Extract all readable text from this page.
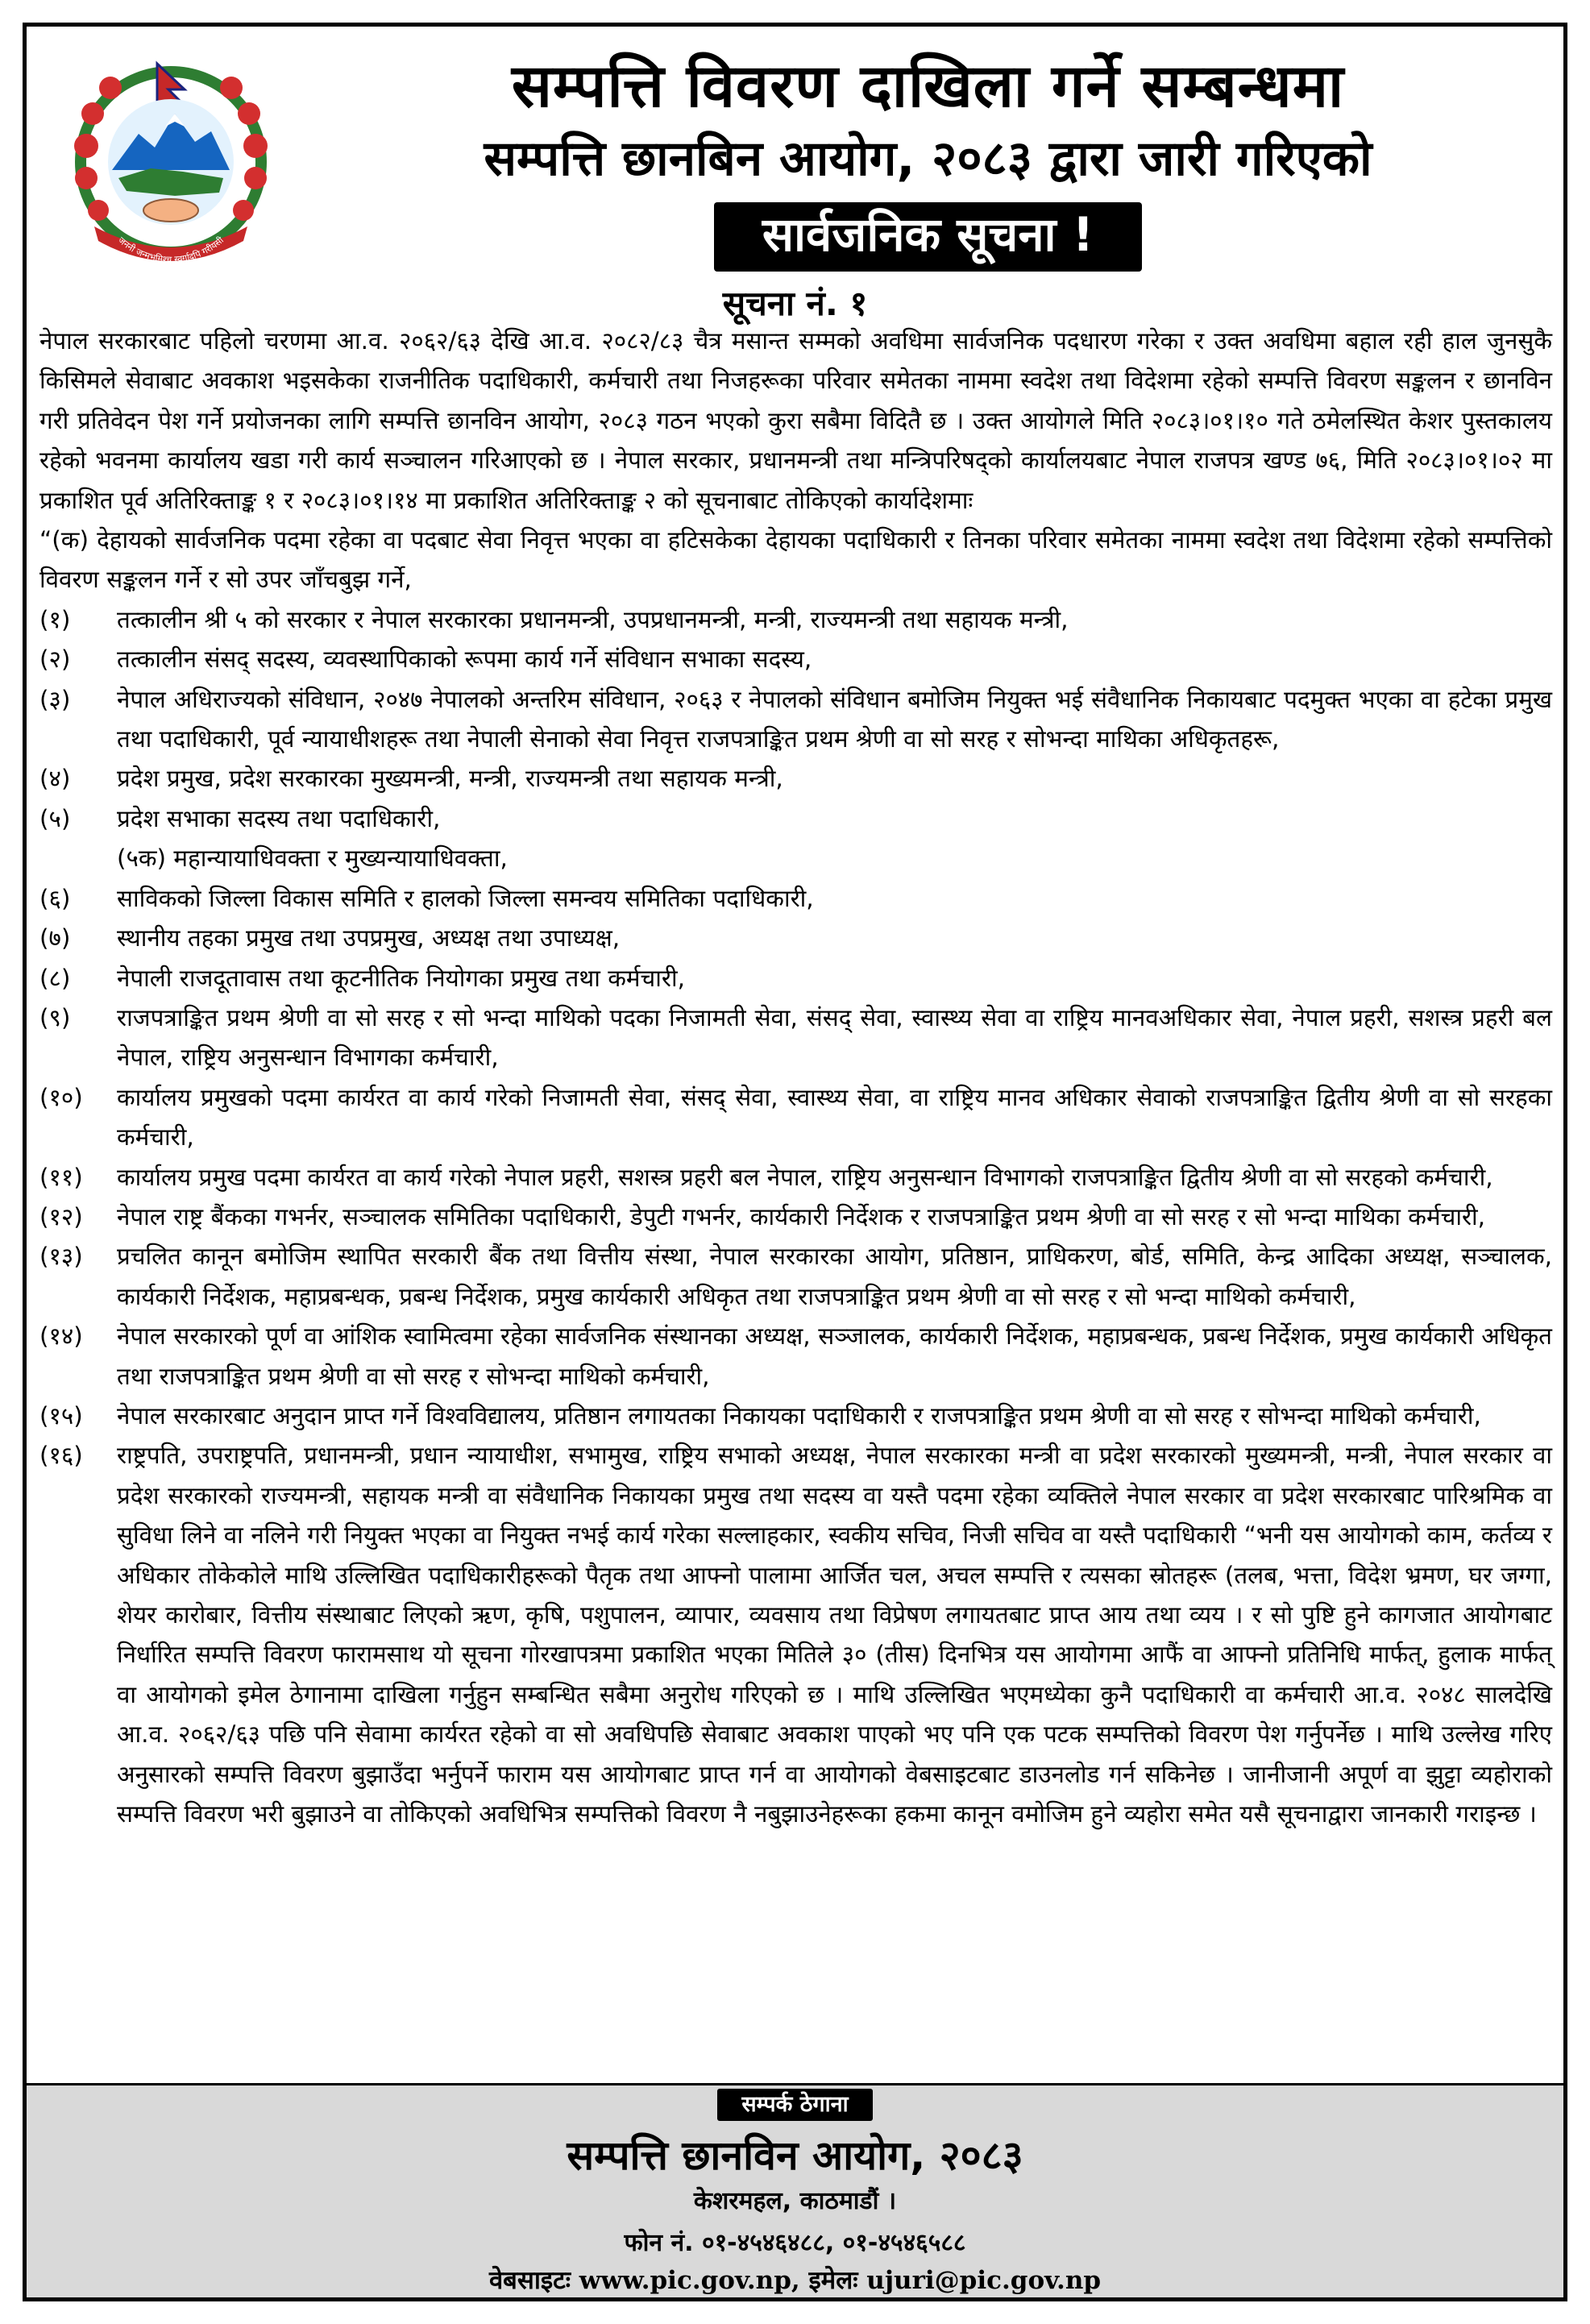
जननी जन्मभूमिश्च स्वर्गादपि गरीयसी
सम्पत्ति विवरण दाखिला गर्ने सम्बन्धमा
सम्पत्ति छानबिन आयोग, २०८३ द्वारा जारी गरिएको
सार्वजनिक सूचना !
सूचना नं. १

नेपाल सरकारबाट पहिलो चरणमा आ.व. २०६२/६३ देखि आ.व. २०८२/८३ चैत्र मसान्त सम्मको अवधिमा सार्वजनिक पदधारण गरेका र उक्त अवधिमा बहाल रही हाल जुनसुकै किसिमले सेवाबाट अवकाश भइसकेका राजनीतिक पदाधिकारी, कर्मचारी तथा निजहरूका परिवार समेतका नाममा स्वदेश तथा विदेशमा रहेको सम्पत्ति विवरण सङ्कलन र छानविन गरी प्रतिवेदन पेश गर्ने प्रयोजनका लागि सम्पत्ति छानविन आयोग, २०८३ गठन भएको कुरा सबैमा विदितै छ । उक्त आयोगले मिति २०८३।०१।१० गते ठमेलस्थित केशर पुस्तकालय रहेको भवनमा कार्यालय खडा गरी कार्य सञ्चालन गरिआएको छ । नेपाल सरकार, प्रधानमन्त्री तथा मन्त्रिपरिषद्को कार्यालयबाट नेपाल राजपत्र खण्ड ७६, मिति २०८३।०१।०२ मा प्रकाशित पूर्व अतिरिक्ताङ्क १ र २०८३।०१।१४ मा प्रकाशित अतिरिक्ताङ्क २ को सूचनाबाट तोकिएको कार्यादेशमाः

“(क) देहायको सार्वजनिक पदमा रहेका वा पदबाट सेवा निवृत्त भएका वा हटिसकेका देहायका पदाधिकारी र तिनका परिवार समेतका नाममा स्वदेश तथा विदेशमा रहेको सम्पत्तिको विवरण सङ्कलन गर्ने र सो उपर जाँचबुझ गर्ने,

(१)	तत्कालीन श्री ५ को सरकार र नेपाल सरकारका प्रधानमन्त्री, उपप्रधानमन्त्री, मन्त्री, राज्यमन्त्री तथा सहायक मन्त्री,
(२)	तत्कालीन संसद् सदस्य, व्यवस्थापिकाको रूपमा कार्य गर्ने संविधान सभाका सदस्य,
(३)	नेपाल अधिराज्यको संविधान, २०४७ नेपालको अन्तरिम संविधान, २०६३ र नेपालको संविधान बमोजिम नियुक्त भई संवैधानिक निकायबाट पदमुक्त भएका वा हटेका प्रमुख तथा पदाधिकारी, पूर्व न्यायाधीशहरू तथा नेपाली सेनाको सेवा निवृत्त राजपत्राङ्कित प्रथम श्रेणी वा सो सरह र सोभन्दा माथिका अधिकृतहरू,
(४)	प्रदेश प्रमुख, प्रदेश सरकारका मुख्यमन्त्री, मन्त्री, राज्यमन्त्री तथा सहायक मन्त्री,
(५)	प्रदेश सभाका सदस्य तथा पदाधिकारी,
(५क) महान्यायाधिवक्ता र मुख्यन्यायाधिवक्ता,
(६)	साविकको जिल्ला विकास समिति र हालको जिल्ला समन्वय समितिका पदाधिकारी,
(७)	स्थानीय तहका प्रमुख तथा उपप्रमुख, अध्यक्ष तथा उपाध्यक्ष,
(८)	नेपाली राजदूतावास तथा कूटनीतिक नियोगका प्रमुख तथा कर्मचारी,
(९)	राजपत्राङ्कित प्रथम श्रेणी वा सो सरह र सो भन्दा माथिको पदका निजामती सेवा, संसद् सेवा, स्वास्थ्य सेवा वा राष्ट्रिय मानवअधिकार सेवा, नेपाल प्रहरी, सशस्त्र प्रहरी बल नेपाल, राष्ट्रिय अनुसन्धान विभागका कर्मचारी,
(१०)	कार्यालय प्रमुखको पदमा कार्यरत वा कार्य गरेको निजामती सेवा, संसद् सेवा, स्वास्थ्य सेवा, वा राष्ट्रिय मानव अधिकार सेवाको राजपत्राङ्कित द्वितीय श्रेणी वा सो सरहका कर्मचारी,
(११)	कार्यालय प्रमुख पदमा कार्यरत वा कार्य गरेको नेपाल प्रहरी, सशस्त्र प्रहरी बल नेपाल, राष्ट्रिय अनुसन्धान विभागको राजपत्राङ्कित द्वितीय श्रेणी वा सो सरहको कर्मचारी,
(१२)	नेपाल राष्ट्र बैंकका गभर्नर, सञ्चालक समितिका पदाधिकारी, डेपुटी गभर्नर, कार्यकारी निर्देशक र राजपत्राङ्कित प्रथम श्रेणी वा सो सरह र सो भन्दा माथिका कर्मचारी,
(१३)	प्रचलित कानून बमोजिम स्थापित सरकारी बैंक तथा वित्तीय संस्था, नेपाल सरकारका आयोग, प्रतिष्ठान, प्राधिकरण, बोर्ड, समिति, केन्द्र आदिका अध्यक्ष, सञ्चालक, कार्यकारी निर्देशक, महाप्रबन्धक, प्रबन्ध निर्देशक, प्रमुख कार्यकारी अधिकृत तथा राजपत्राङ्कित प्रथम श्रेणी वा सो सरह र सो भन्दा माथिको कर्मचारी,
(१४)	नेपाल सरकारको पूर्ण वा आंशिक स्वामित्वमा रहेका सार्वजनिक संस्थानका अध्यक्ष, सञ्जालक, कार्यकारी निर्देशक, महाप्रबन्धक, प्रबन्ध निर्देशक, प्रमुख कार्यकारी अधिकृत तथा राजपत्राङ्कित प्रथम श्रेणी वा सो सरह र सोभन्दा माथिको कर्मचारी,
(१५)	नेपाल सरकारबाट अनुदान प्राप्त गर्ने विश्वविद्यालय, प्रतिष्ठान लगायतका निकायका पदाधिकारी र राजपत्राङ्कित प्रथम श्रेणी वा सो सरह र सोभन्दा माथिको कर्मचारी,
(१६)	राष्ट्रपति, उपराष्ट्रपति, प्रधानमन्त्री, प्रधान न्यायाधीश, सभामुख, राष्ट्रिय सभाको अध्यक्ष, नेपाल सरकारका मन्त्री वा प्रदेश सरकारको मुख्यमन्त्री, मन्त्री, नेपाल सरकार वा प्रदेश सरकारको राज्यमन्त्री, सहायक मन्त्री वा संवैधानिक निकायका प्रमुख तथा सदस्य वा यस्तै पदमा रहेका व्यक्तिले नेपाल सरकार वा प्रदेश सरकारबाट पारिश्रमिक वा सुविधा लिने वा नलिने गरी नियुक्त भएका वा नियुक्त नभई कार्य गरेका सल्लाहकार, स्वकीय सचिव, निजी सचिव वा यस्तै पदाधिकारी “भनी यस आयोगको काम, कर्तव्य र अधिकार तोकेकोले माथि उल्लिखित पदाधिकारीहरूको पैतृक तथा आफ्नो पालामा आर्जित चल, अचल सम्पत्ति र त्यसका स्रोतहरू (तलब, भत्ता, विदेश भ्रमण, घर जग्गा, शेयर कारोबार, वित्तीय संस्थाबाट लिएको ऋण, कृषि, पशुपालन, व्यापार, व्यवसाय तथा विप्रेषण लगायतबाट प्राप्त आय तथा व्यय । र सो पुष्टि हुने कागजात आयोगबाट निर्धारित सम्पत्ति विवरण फारामसाथ यो सूचना गोरखापत्रमा प्रकाशित भएका मितिले ३० (तीस) दिनभित्र यस आयोगमा आफैं वा आफ्नो प्रतिनिधि मार्फत्, हुलाक मार्फत् वा आयोगको इमेल ठेगानामा दाखिला गर्नुहुन सम्बन्धित सबैमा अनुरोध गरिएको छ । माथि उल्लिखित भएमध्येका कुनै पदाधिकारी वा कर्मचारी आ.व. २०४८ सालदेखि आ.व. २०६२/६३ पछि पनि सेवामा कार्यरत रहेको वा सो अवधिपछि सेवाबाट अवकाश पाएको भए पनि एक पटक सम्पत्तिको विवरण पेश गर्नुपर्नेछ । माथि उल्लेख गरिए अनुसारको सम्पत्ति विवरण बुझाउँदा भर्नुपर्ने फाराम यस आयोगबाट प्राप्त गर्न वा आयोगको वेबसाइटबाट डाउनलोड गर्न सकिनेछ । जानीजानी अपूर्ण वा झुट्टा व्यहोराको सम्पत्ति विवरण भरी बुझाउने वा तोकिएको अवधिभित्र सम्पत्तिको विवरण नै नबुझाउनेहरूका हकमा कानून वमोजिम हुने व्यहोरा समेत यसै सूचनाद्वारा जानकारी गराइन्छ ।
सम्पर्क ठेगाना
सम्पत्ति छानविन आयोग, २०८३
केशरमहल, काठमाडौं ।
फोन नं. ०१-४५४६४८८, ०१-४५४६५८८
वेबसाइटः www.pic.gov.np, इमेलः ujuri@pic.gov.np
